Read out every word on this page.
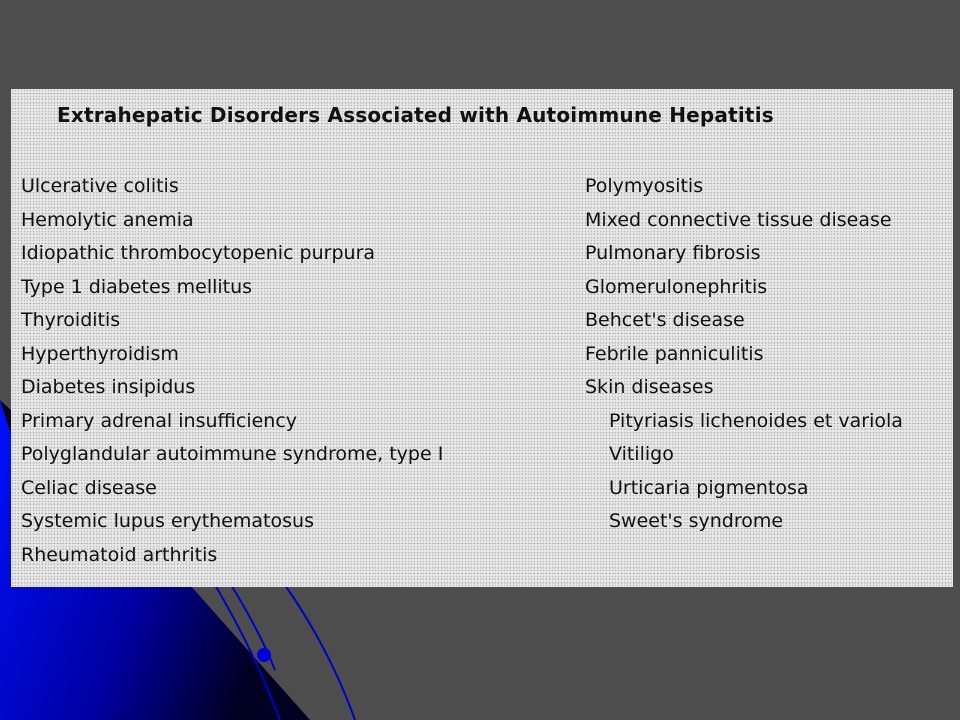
Extrahepatic Disorders Associated with Autoimmune Hepatitis
Ulcerative colitis
Hemolytic anemia
Idiopathic thrombocytopenic purpura
Type 1 diabetes mellitus
Thyroiditis
Hyperthyroidism
Diabetes insipidus
Primary adrenal insufficiency
Polyglandular autoimmune syndrome, type I
Celiac disease
Systemic lupus erythematosus
Rheumatoid arthritis
Polymyositis
Mixed connective tissue disease
Pulmonary fibrosis
Glomerulonephritis
Behcet's disease
Febrile panniculitis
Skin diseases
Pityriasis lichenoides et variola
Vitiligo
Urticaria pigmentosa
Sweet's syndrome
